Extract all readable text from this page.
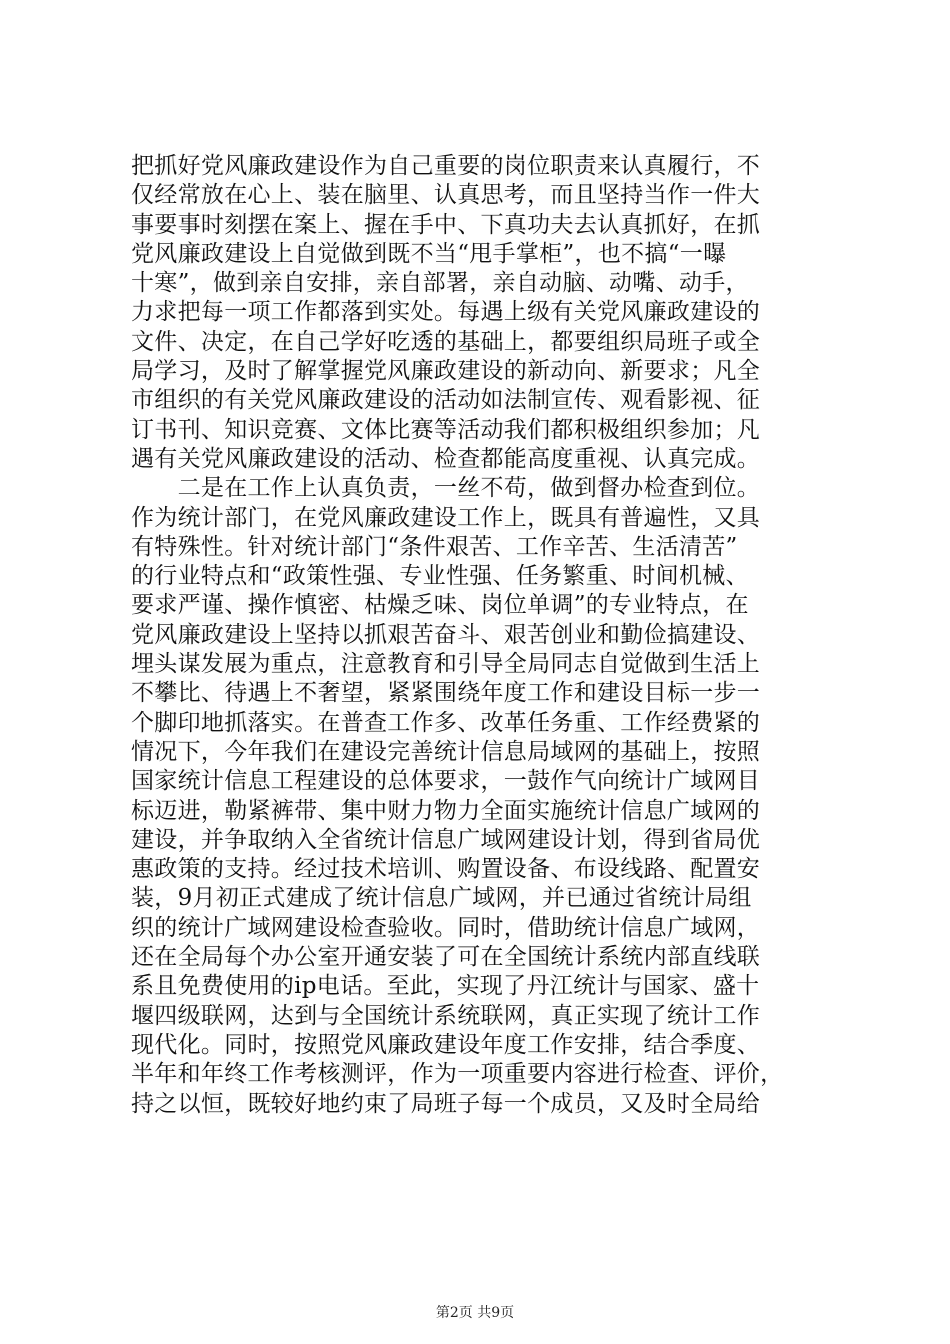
把抓好党风廉政建设作为自己重要的岗位职责来认真履行，不
仅经常放在心上、装在脑里、认真思考，而且坚持当作一件大
事要事时刻摆在案上、握在手中、下真功夫去认真抓好，在抓
党风廉政建设上自觉做到既不当“甩手掌柜”，也不搞“一曝
十寒”，做到亲自安排，亲自部署，亲自动脑、动嘴、动手，
力求把每一项工作都落到实处。每遇上级有关党风廉政建设的
文件、决定，在自己学好吃透的基础上，都要组织局班子或全
局学习，及时了解掌握党风廉政建设的新动向、新要求；凡全
市组织的有关党风廉政建设的活动如法制宣传、观看影视、征
订书刊、知识竞赛、文体比赛等活动我们都积极组织参加；凡
遇有关党风廉政建设的活动、检查都能高度重视、认真完成。
　　二是在工作上认真负责，一丝不苟，做到督办检查到位。
作为统计部门，在党风廉政建设工作上，既具有普遍性，又具
有特殊性。针对统计部门“条件艰苦、工作辛苦、生活清苦”
的行业特点和“政策性强、专业性强、任务繁重、时间机械、
要求严谨、操作慎密、枯燥乏味、岗位单调”的专业特点，在
党风廉政建设上坚持以抓艰苦奋斗、艰苦创业和勤俭搞建设、
埋头谋发展为重点，注意教育和引导全局同志自觉做到生活上
不攀比、待遇上不奢望，紧紧围绕年度工作和建设目标一步一
个脚印地抓落实。在普查工作多、改革任务重、工作经费紧的
情况下，今年我们在建设完善统计信息局域网的基础上，按照
国家统计信息工程建设的总体要求，一鼓作气向统计广域网目
标迈进，勒紧裤带、集中财力物力全面实施统计信息广域网的
建设，并争取纳入全省统计信息广域网建设计划，得到省局优
惠政策的支持。经过技术培训、购置设备、布设线路、配置安
装，9月初正式建成了统计信息广域网，并已通过省统计局组
织的统计广域网建设检查验收。同时，借助统计信息广域网，
还在全局每个办公室开通安装了可在全国统计系统内部直线联
系且免费使用的ip电话。至此，实现了丹江统计与国家、盛十
堰四级联网，达到与全国统计系统联网，真正实现了统计工作
现代化。同时，按照党风廉政建设年度工作安排，结合季度、
半年和年终工作考核测评，作为一项重要内容进行检查、评价，
持之以恒，既较好地约束了局班子每一个成员，又及时全局给
第2页 共9页
